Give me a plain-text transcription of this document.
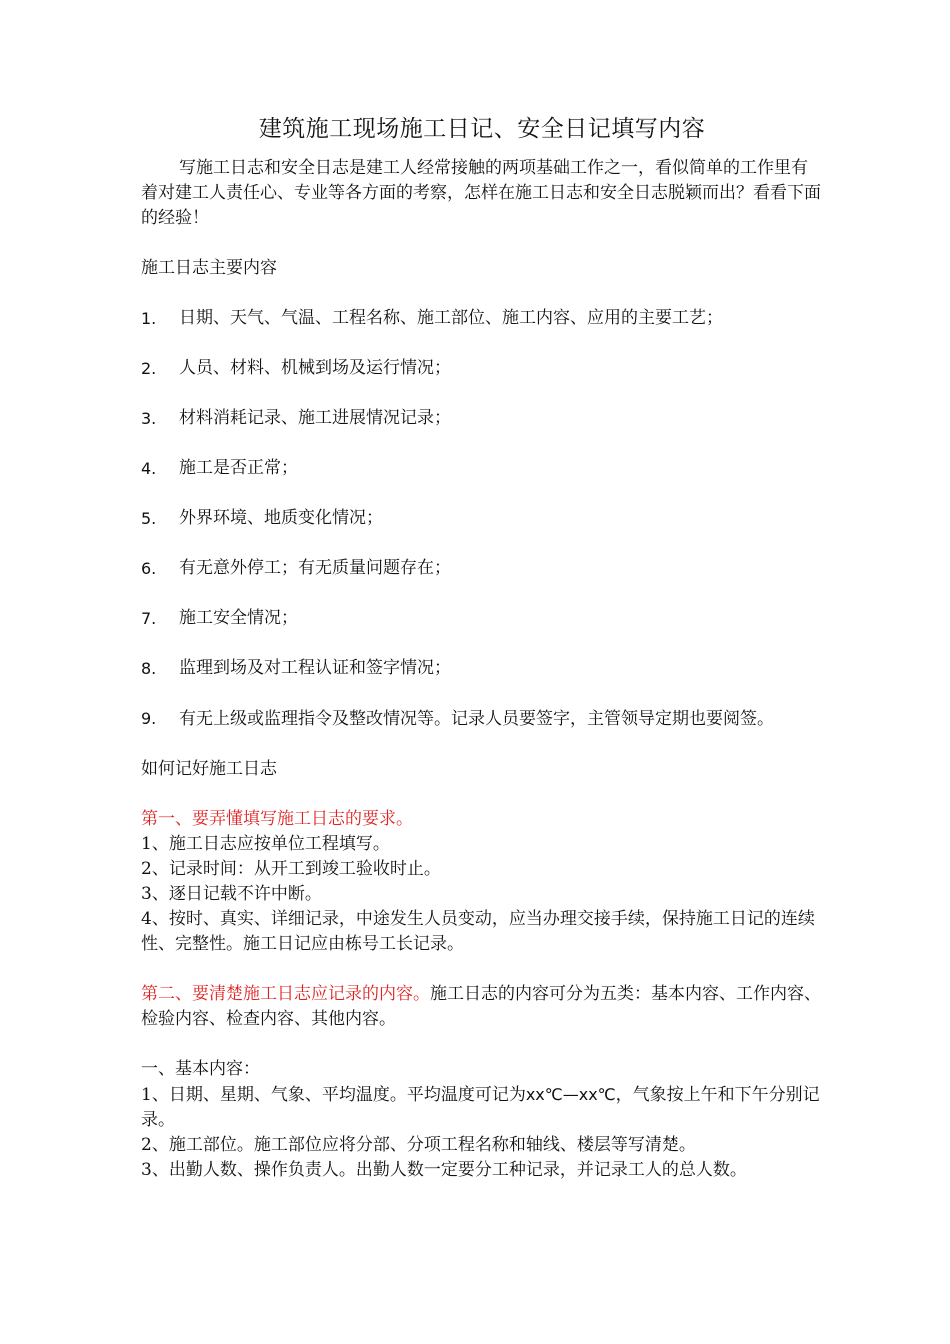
建筑施工现场施工日记、安全日记填写内容

写施工日志和安全日志是建工人经常接触的两项基础工作之一，看似简单的工作里有着对建工人责任心、专业等各方面的考察，怎样在施工日志和安全日志脱颖而出？看看下面的经验！

施工日志主要内容

1.	日期、天气、气温、工程名称、施工部位、施工内容、应用的主要工艺；
2.	人员、材料、机械到场及运行情况；
3.	材料消耗记录、施工进展情况记录；
4.	施工是否正常；
5.	外界环境、地质变化情况；
6.	有无意外停工；有无质量问题存在；
7.	施工安全情况；
8.	监理到场及对工程认证和签字情况；
9. 有无上级或监理指令及整改情况等。记录人员要签字，主管领导定期也要阅签。

如何记好施工日志

第一、要弄懂填写施工日志的要求。

1、施工日志应按单位工程填写。

2、记录时间：从开工到竣工验收时止。

3、逐日记载不许中断。

4、按时、真实、详细记录，中途发生人员变动，应当办理交接手续，保持施工日记的连续性、完整性。施工日记应由栋号工长记录。

第二、要清楚施工日志应记录的内容。施工日志的内容可分为五类：基本内容、工作内容、检验内容、检查内容、其他内容。

一、基本内容：

1、日期、星期、气象、平均温度。平均温度可记为xx℃—xx℃，气象按上午和下午分别记录。

2、施工部位。施工部位应将分部、分项工程名称和轴线、楼层等写清楚。

3、出勤人数、操作负责人。出勤人数一定要分工种记录，并记录工人的总人数。
